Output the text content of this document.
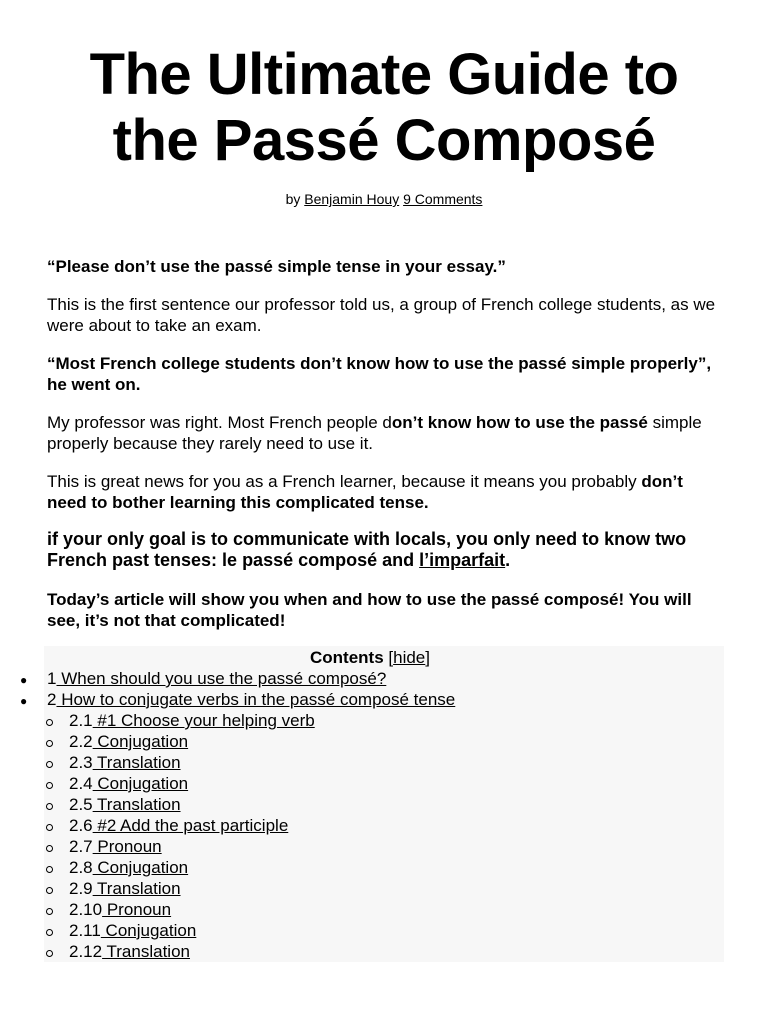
The Ultimate Guide to
the Passé Composé
by Benjamin Houy 9 Comments
“Please don’t use the passé simple tense in your essay.”
This is the first sentence our professor told us, a group of French college students, as we were about to take an exam.
“Most French college students don’t know how to use the passé simple properly”, he went on.
My professor was right. Most French people don’t know how to use the passé simple properly because they rarely need to use it.
This is great news for you as a French learner, because it means you probably don’t need to bother learning this complicated tense.
if your only goal is to communicate with locals, you only need to know two French past tenses: le passé composé and l’imparfait.
Today’s article will show you when and how to use the passé composé! You will see, it’s not that complicated!
Contents [hide]
● 1 When should you use the passé composé?
● 2 How to conjugate verbs in the passé composé tense
2.1 #1 Choose your helping verb
2.2 Conjugation
2.3 Translation
2.4 Conjugation
2.5 Translation
2.6 #2 Add the past participle
2.7 Pronoun
2.8 Conjugation
2.9 Translation
2.10 Pronoun
2.11 Conjugation
2.12 Translation
